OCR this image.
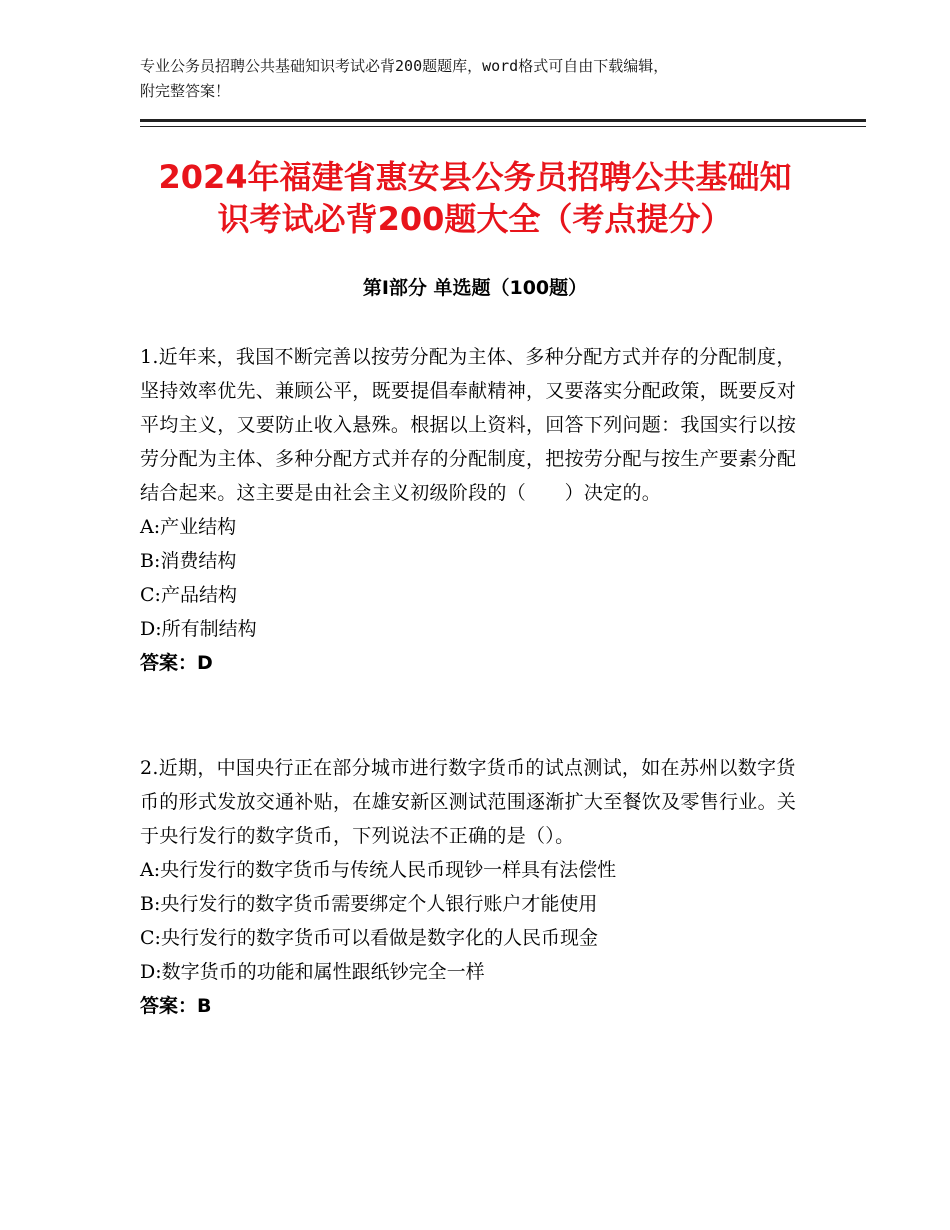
专业公务员招聘公共基础知识考试必背200题题库，word格式可自由下载编辑，
附完整答案！
2024年福建省惠安县公务员招聘公共基础知
识考试必背200题大全（考点提分）
第Ⅰ部分 单选题（100题）

1.近年来，我国不断完善以按劳分配为主体、多种分配方式并存的分配制度，坚持效率优先、兼顾公平，既要提倡奉献精神，又要落实分配政策，既要反对平均主义，又要防止收入悬殊。根据以上资料，回答下列问题：我国实行以按劳分配为主体、多种分配方式并存的分配制度，把按劳分配与按生产要素分配结合起来。这主要是由社会主义初级阶段的（　　）决定的。

A:产业结构

B:消费结构

C:产品结构

D:所有制结构

答案：D

2.近期，中国央行正在部分城市进行数字货币的试点测试，如在苏州以数字货币的形式发放交通补贴，在雄安新区测试范围逐渐扩大至餐饮及零售行业。关于央行发行的数字货币，下列说法不正确的是（）。

A:央行发行的数字货币与传统人民币现钞一样具有法偿性

B:央行发行的数字货币需要绑定个人银行账户才能使用

C:央行发行的数字货币可以看做是数字化的人民币现金

D:数字货币的功能和属性跟纸钞完全一样

答案：B
